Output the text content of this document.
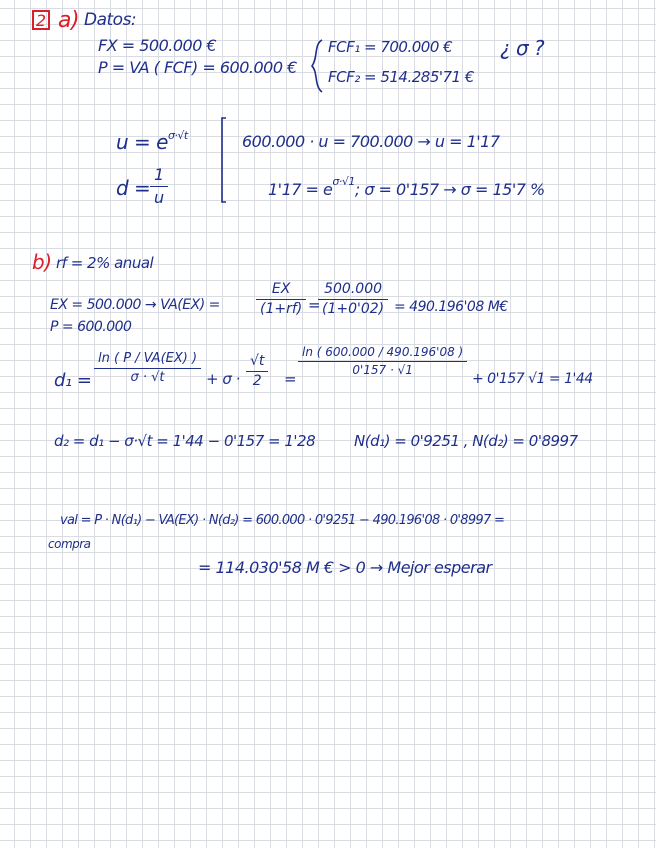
2 a) Datos:
FX = 500.000 €
P = VA ( FCF) = 600.000 €
FCF₁ = 700.000 €
FCF₂ = 514.285'71 €
¿ σ ?
$u = e^{\sigma\cdot√t}$
d =
1
u
600.000 · u = 700.000 → u = 1'17
$1'17 = e^{\sigma\cdot√1}$; σ = 0'157 → σ = 15'7 %
b) rf = 2% anual
EX = 500.000 → VA(EX) =
P = 600.000
EX
(1+rf) =
500.000
(1+0'02) = 490.196'08 M€
d₁ =
ln ( P / VA(EX) )
σ · √t	+ σ ·
√t
2 =
ln ( 600.000 / 490.196'08 )
0'157 · √1
+ 0'157 √1 = 1'44
d₂ = d₁ − σ·√t = 1'44 − 0'157 = 1'28	N(d₁) = 0'9251 , N(d₂) = 0'8997
val = P · N(d₁) − VA(EX) · N(d₂) = 600.000 · 0'9251 − 490.196'08 · 0'8997 =
compra
= 114.030'58 M € > 0 → Mejor esperar
